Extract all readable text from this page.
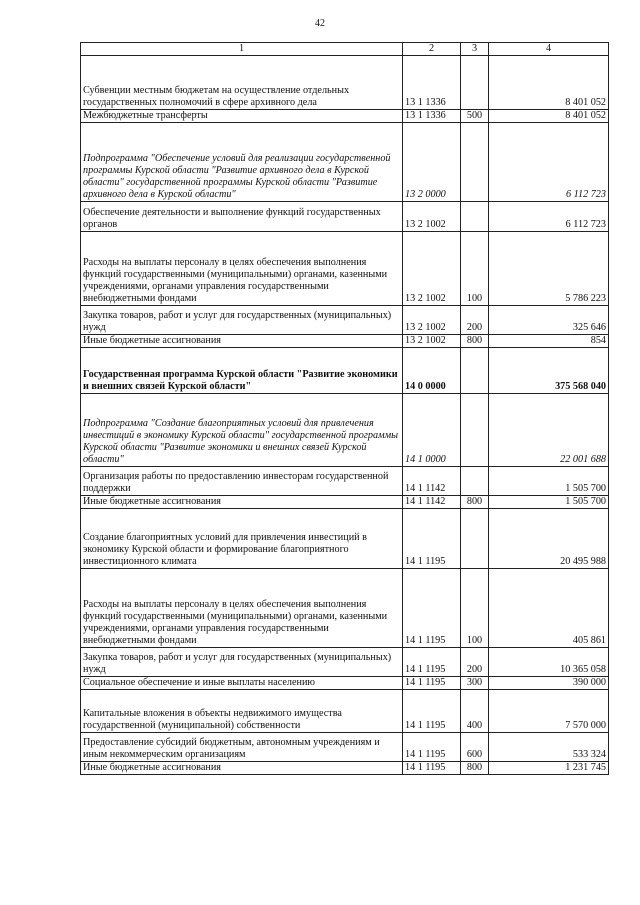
42
1	2	3	4
Субвенции местным бюджетам на осуществление отдельных государственных полномочий в сфере архивного дела	13 1 1336		8 401 052
Межбюджетные трансферты	13 1 1336	500	8 401 052
Подпрограмма "Обеспечение условий для реализации государственной программы Курской области "Развитие архивного дела в Курской области" государственной программы Курской области "Развитие архивного дела в Курской области"	13 2 0000		6 112 723
Обеспечение деятельности и выполнение функций государственных органов	13 2 1002		6 112 723
Расходы на выплаты персоналу в целях обеспечения выполнения функций государственными (муниципальными) органами, казенными учреждениями, органами управления государственными внебюджетными фондами	13 2 1002	100	5 786 223
Закупка товаров, работ и услуг для государственных (муниципальных) нужд	13 2 1002	200	325 646
Иные бюджетные ассигнования	13 2 1002	800	854
Государственная программа Курской области "Развитие экономики и внешних связей Курской области"	14 0 0000		375 568 040
Подпрограмма "Создание благоприятных условий для привлечения инвестиций в экономику Курской области" государственной программы Курской области "Развитие экономики и внешних связей Курской области"	14 1 0000		22 001 688
Организация работы по предоставлению инвесторам государственной поддержки	14 1 1142		1 505 700
Иные бюджетные ассигнования	14 1 1142	800	1 505 700
Создание благоприятных условий для привлечения инвестиций в экономику Курской области и формирование благоприятного инвестиционного климата	14 1 1195		20 495 988
Расходы на выплаты персоналу в целях обеспечения выполнения функций государственными (муниципальными) органами, казенными учреждениями, органами управления государственными внебюджетными фондами	14 1 1195	100	405 861
Закупка товаров, работ и услуг для государственных (муниципальных) нужд	14 1 1195	200	10 365 058
Социальное обеспечение и иные выплаты населению	14 1 1195	300	390 000
Капитальные вложения в объекты недвижимого имущества государственной (муниципальной) собственности	14 1 1195	400	7 570 000
Предоставление субсидий бюджетным, автономным учреждениям и иным некоммерческим организациям	14 1 1195	600	533 324
Иные бюджетные ассигнования	14 1 1195	800	1 231 745
